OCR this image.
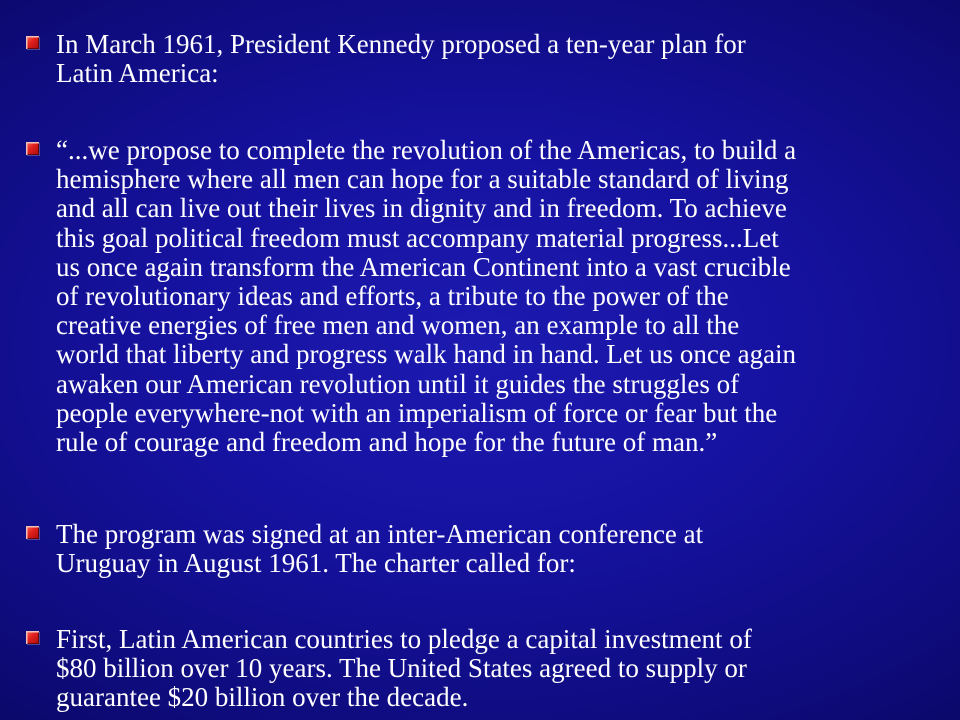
In March 1961, President Kennedy proposed a ten-year plan for
Latin America:

“...we propose to complete the revolution of the Americas, to build a
hemisphere where all men can hope for a suitable standard of living
and all can live out their lives in dignity and in freedom. To achieve
this goal political freedom must accompany material progress...Let
us once again transform the American Continent into a vast crucible
of revolutionary ideas and efforts, a tribute to the power of the
creative energies of free men and women, an example to all the
world that liberty and progress walk hand in hand. Let us once again
awaken our American revolution until it guides the struggles of
people everywhere-not with an imperialism of force or fear but the
rule of courage and freedom and hope for the future of man.”

The program was signed at an inter-American conference at
Uruguay in August 1961. The charter called for:

First, Latin American countries to pledge a capital investment of
$80 billion over 10 years. The United States agreed to supply or
guarantee $20 billion over the decade.
